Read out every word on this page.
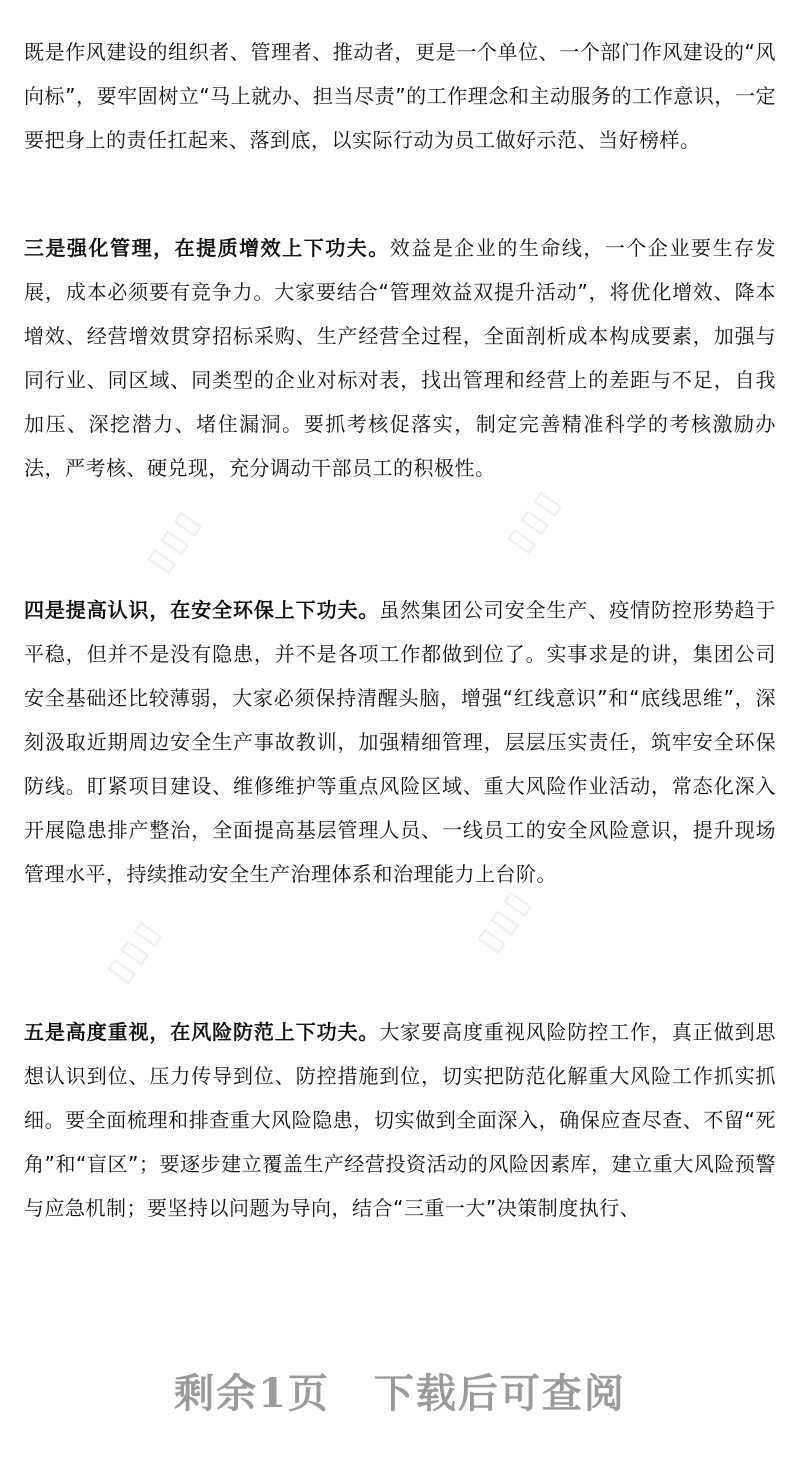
既是作风建设的组织者、管理者、推动者，更是一个单位、一个部门作风建设的“风向标”，要牢固树立“马上就办、担当尽责”的工作理念和主动服务的工作意识，一定要把身上的责任扛起来、落到底，以实际行动为员工做好示范、当好榜样。

三是强化管理，在提质增效上下功夫。效益是企业的生命线，一个企业要生存发展，成本必须要有竞争力。大家要结合“管理效益双提升活动”，将优化增效、降本增效、经营增效贯穿招标采购、生产经营全过程，全面剖析成本构成要素，加强与同行业、同区域、同类型的企业对标对表，找出管理和经营上的差距与不足，自我加压、深挖潜力、堵住漏洞。要抓考核促落实，制定完善精准科学的考核激励办法，严考核、硬兑现，充分调动干部员工的积极性。

四是提高认识，在安全环保上下功夫。虽然集团公司安全生产、疫情防控形势趋于平稳，但并不是没有隐患，并不是各项工作都做到位了。实事求是的讲，集团公司安全基础还比较薄弱，大家必须保持清醒头脑，增强“红线意识”和“底线思维”，深刻汲取近期周边安全生产事故教训，加强精细管理，层层压实责任，筑牢安全环保防线。盯紧项目建设、维修维护等重点风险区域、重大风险作业活动，常态化深入开展隐患排产整治，全面提高基层管理人员、一线员工的安全风险意识，提升现场管理水平，持续推动安全生产治理体系和治理能力上台阶。

五是高度重视，在风险防范上下功夫。大家要高度重视风险防控工作，真正做到思想认识到位、压力传导到位、防控措施到位，切实把防范化解重大风险工作抓实抓细。要全面梳理和排查重大风险隐患，切实做到全面深入，确保应查尽查、不留“死角”和“盲区”；要逐步建立覆盖生产经营投资活动的风险因素库，建立重大风险预警与应急机制；要坚持以问题为导向，结合“三重一大”决策制度执行、

▯▯▯	▯▯▯
▯▯▯	▯▯▯
剩余1页 下载后可查阅
